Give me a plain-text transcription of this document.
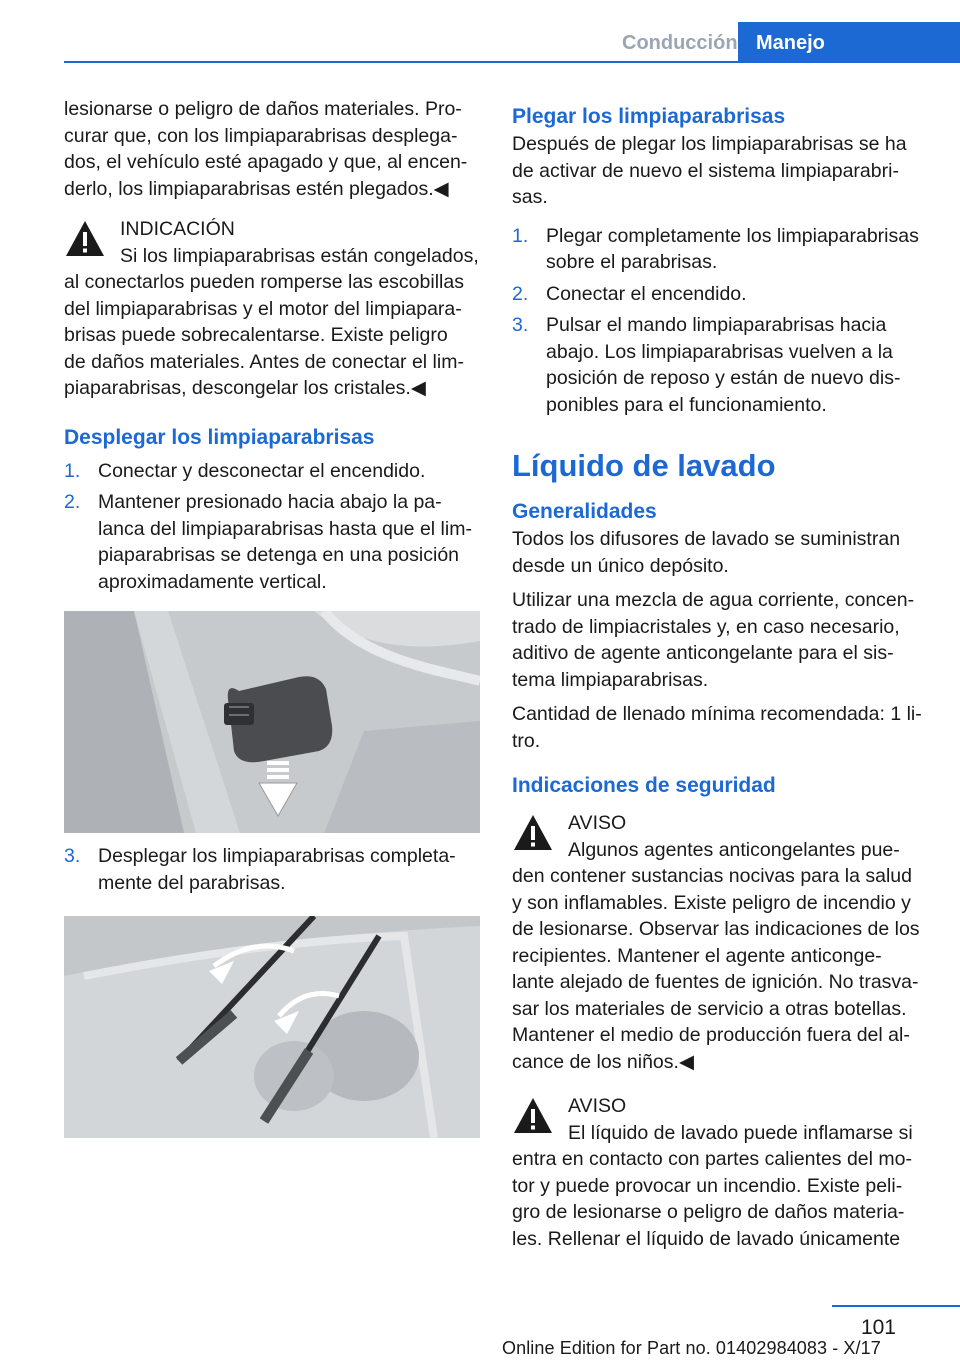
Conducción Manejo

lesionarse o peligro de daños materiales. Pro-
curar que, con los limpiaparabrisas desplega-
dos, el vehículo esté apagado y que, al encen-
derlo, los limpiaparabrisas estén plegados.◀

INDICACIÓN
Si los limpiaparabrisas están congelados,
al conectarlos pueden romperse las escobillas
del limpiaparabrisas y el motor del limpiapara-
brisas puede sobrecalentarse. Existe peligro
de daños materiales. Antes de conectar el lim-
piaparabrisas, descongelar los cristales.◀
Desplegar los limpiaparabrisas
1. Conectar y desconectar el encendido.
2. Mantener presionado hacia abajo la pa-
lanca del limpiaparabrisas hasta que el lim-
piaparabrisas se detenga en una posición
aproximadamente vertical.
3. Desplegar los limpiaparabrisas completa-
mente del parabrisas.
Plegar los limpiaparabrisas

Después de plegar los limpiaparabrisas se ha
de activar de nuevo el sistema limpiaparabri-
sas.

1. Plegar completamente los limpiaparabrisas
sobre el parabrisas.
2. Conectar el encendido.
3. Pulsar el mando limpiaparabrisas hacia
abajo. Los limpiaparabrisas vuelven a la
posición de reposo y están de nuevo dis-
ponibles para el funcionamiento.
Líquido de lavado
Generalidades

Todos los difusores de lavado se suministran
desde un único depósito.

Utilizar una mezcla de agua corriente, concen-
trado de limpiacristales y, en caso necesario,
aditivo de agente anticongelante para el sis-
tema limpiaparabrisas.

Cantidad de llenado mínima recomendada: 1 li-
tro.

Indicaciones de seguridad
AVISO
Algunos agentes anticongelantes pue-
den contener sustancias nocivas para la salud
y son inflamables. Existe peligro de incendio y
de lesionarse. Observar las indicaciones de los
recipientes. Mantener el agente anticonge-
lante alejado de fuentes de ignición. No trasva-
sar los materiales de servicio a otras botellas.
Mantener el medio de producción fuera del al-
cance de los niños.◀
AVISO
El líquido de lavado puede inflamarse si
entra en contacto con partes calientes del mo-
tor y puede provocar un incendio. Existe peli-
gro de lesionarse o peligro de daños materia-
les. Rellenar el líquido de lavado únicamente
101
Online Edition for Part no. 01402984083 - X/17
